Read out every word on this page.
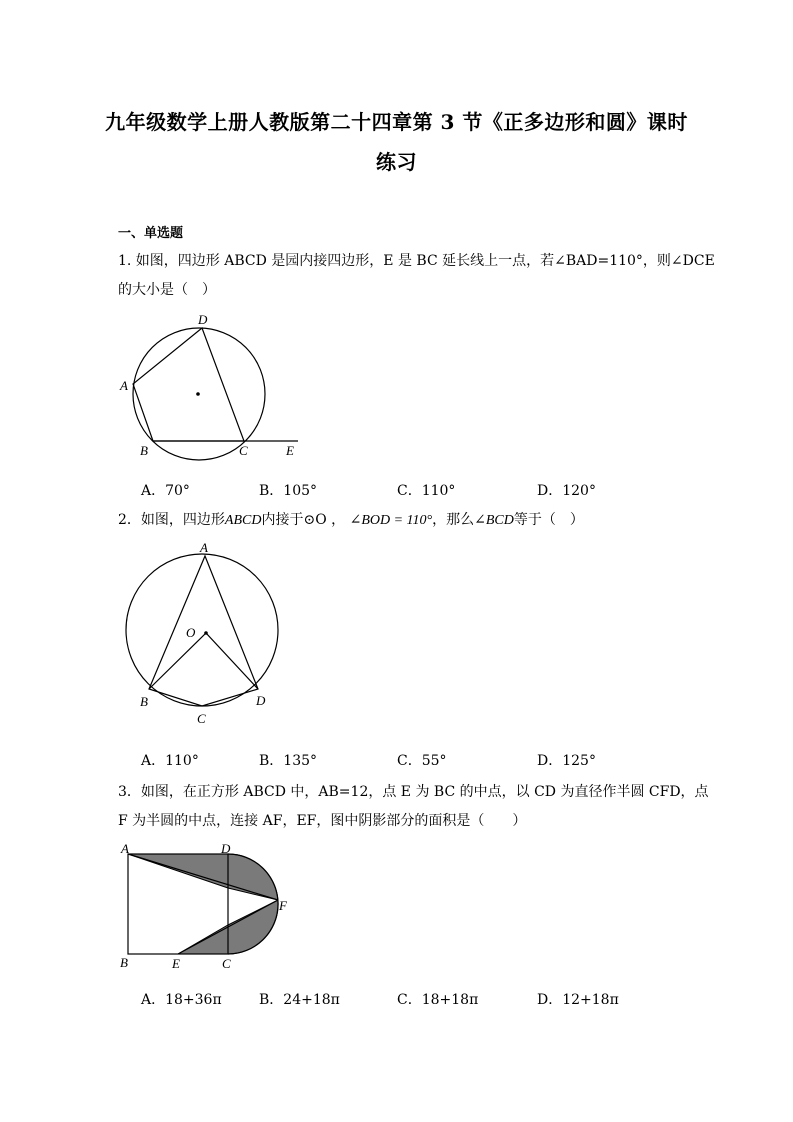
九年级数学上册人教版第二十四章第 3 节《正多边形和圆》课时
练习
一、单选题
1. 如图，四边形 ABCD 是园内接四边形，E 是 BC 延长线上一点，若∠BAD=110°，则∠DCE
的大小是（　）
D
A
B	C	E
A．70°	B．105°	C．110°	D．120°
2．如图，四边形ABCD内接于⊙O ， ∠BOD = 110°，那么∠BCD等于（　）
A
O
B
C
D
A．110°	B．135°	C．55°	D．125°
3．如图，在正方形 ABCD 中，AB=12，点 E 为 BC 的中点，以 CD 为直径作半圆 CFD，点
F 为半圆的中点，连接 AF，EF，图中阴影部分的面积是（　　）
A	D
F
B	E	C
A．18+36π	B．24+18π	C．18+18π	D．12+18π
